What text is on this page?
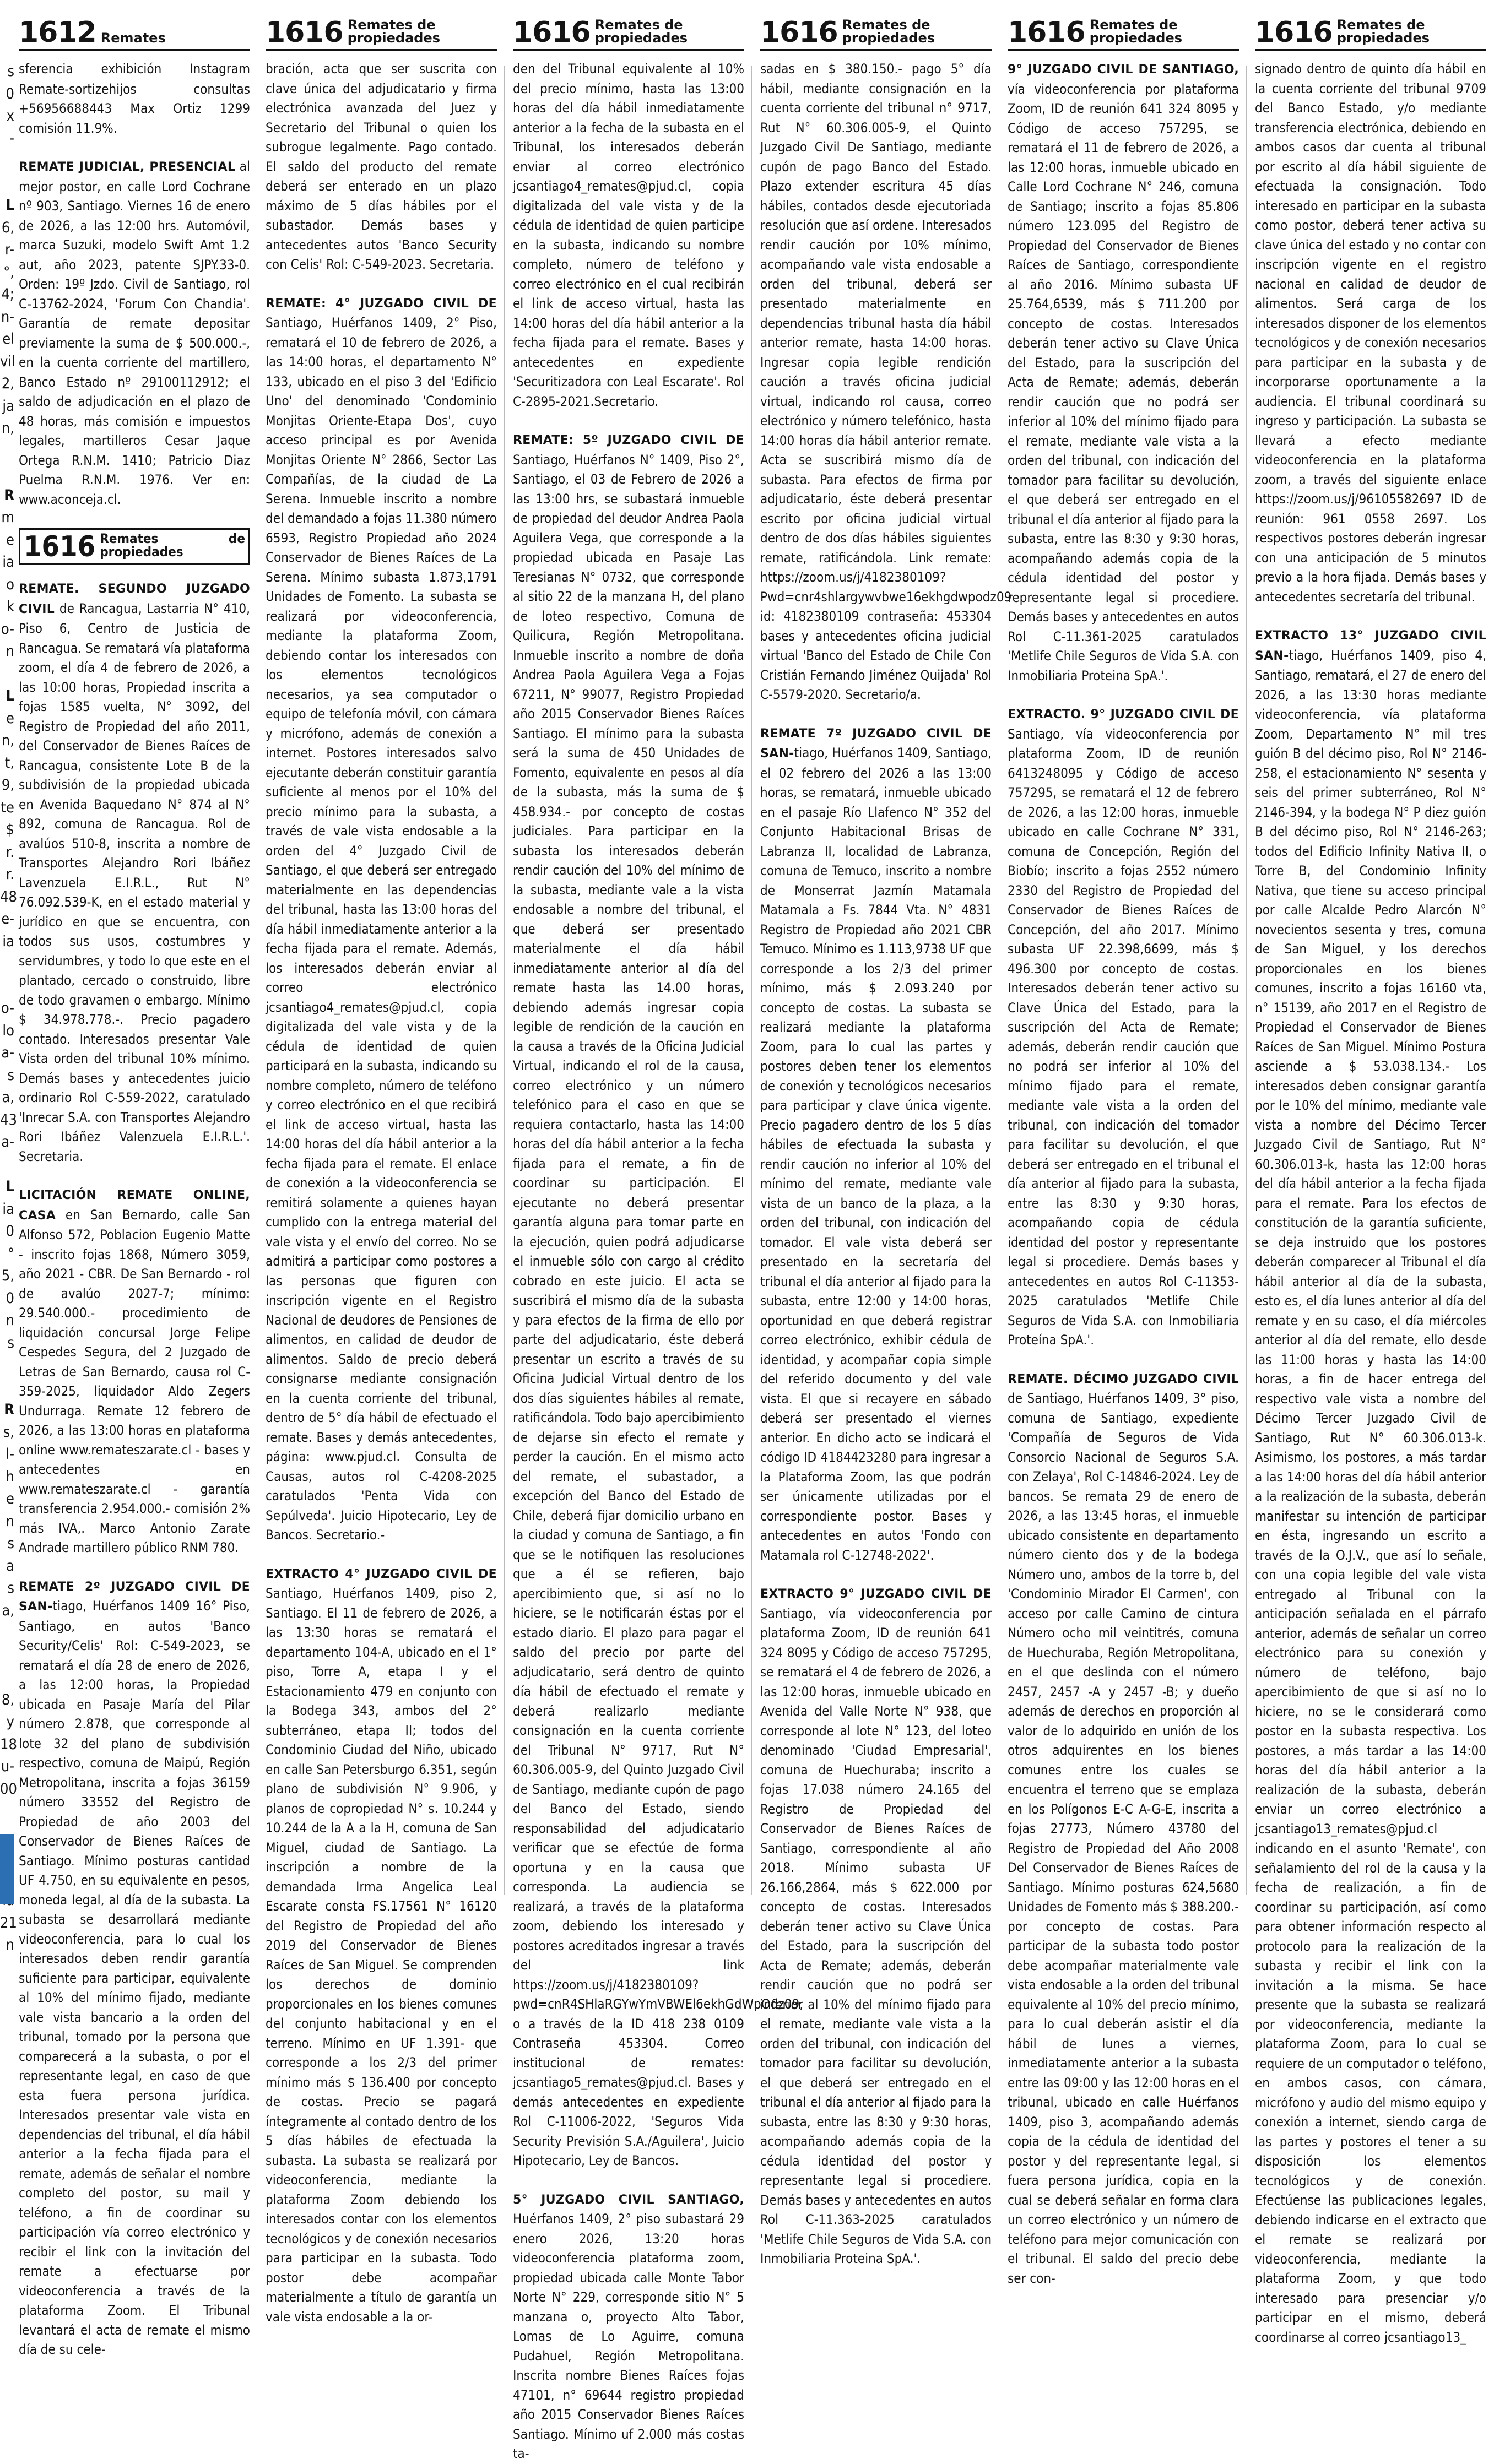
s
0
x
-

L
6,
r-
°,
4;
n-
el
vil
2,
ja
n,

R
m
e
ia
o
k
o-
n

L
e
n,
t,
9,
te
$
r.
r.
48
e-
ia

o-
lo
a-
s
a,
43
a-

L
ia
0
°
5,
0
n
s

R
s,
l-
h
e
n
s
a
s
a,

8,
y
18
u-
00

21
n
1612 Remates

sferencia exhibición Instagram Remate-sortizehijos consultas +56956688443 Max Ortiz 1299 comisión 11.9%.

REMATE JUDICIAL, PRESENCIAL al mejor postor, en calle Lord Cochrane nº 903, Santiago. Viernes 16 de enero de 2026, a las 12:00 hrs. Automóvil, marca Suzuki, modelo Swift Amt 1.2 aut, año 2023, patente SJPY.33-0. Orden: 19º Jzdo. Civil de Santiago, rol C-13762-2024, 'Forum Con Chandia'. Garantía de remate depositar previamente la suma de $ 500.000.-, en la cuenta corriente del martillero, Banco Estado nº 29100112912; el saldo de adjudicación en el plazo de 48 horas, más comisión e impuestos legales, martilleros Cesar Jaque Ortega R.N.M. 1410; Patricio Diaz Puelma R.N.M. 1976. Ver en: www.aconceja.cl.

1616 Remates de propiedades

REMATE. SEGUNDO JUZGADO CIVIL de Rancagua, Lastarria N° 410, Piso 6, Centro de Justicia de Rancagua. Se rematará vía plataforma zoom, el día 4 de febrero de 2026, a las 10:00 horas, Propiedad inscrita a fojas 1585 vuelta, N° 3092, del Registro de Propiedad del año 2011, del Conservador de Bienes Raíces de Rancagua, consistente Lote B de la subdivisión de la propiedad ubicada en Avenida Baquedano N° 874 al N° 892, comuna de Rancagua. Rol de avalúos 510-8, inscrita a nombre de Transportes Alejandro Rori Ibáñez Lavenzuela E.I.R.L., Rut N° 76.092.539-K, en el estado material y jurídico en que se encuentra, con todos sus usos, costumbres y servidumbres, y todo lo que este en el plantado, cercado o construido, libre de todo gravamen o embargo. Mínimo $ 34.978.778.-. Precio pagadero contado. Interesados presentar Vale Vista orden del tribunal 10% mínimo. Demás bases y antecedentes juicio ordinario Rol C-559-2022, caratulado 'Inrecar S.A. con Transportes Alejandro Rori Ibáñez Valenzuela E.I.R.L.'. Secretaria.

LICITACIÓN REMATE ONLINE, CASA en San Bernardo, calle San Alfonso 572, Poblacion Eugenio Matte - inscrito fojas 1868, Número 3059, año 2021 - CBR. De San Bernardo - rol de avalúo 2027-7; mínimo: 29.540.000.- procedimiento de liquidación concursal Jorge Felipe Cespedes Segura, del 2 Juzgado de Letras de San Bernardo, causa rol C-359-2025, liquidador Aldo Zegers Undurraga. Remate 12 febrero de 2026, a las 13:00 horas en plataforma online www.remateszarate.cl - bases y antecedentes en www.remateszarate.cl - garantía transferencia 2.954.000.- comisión 2% más IVA,. Marco Antonio Zarate Andrade martillero público RNM 780.

REMATE 2º JUZGADO CIVIL DE SAN-tiago, Huérfanos 1409 16° Piso, Santiago, en autos 'Banco Security/Celis' Rol: C-549-2023, se rematará el día 28 de enero de 2026, a las 12:00 horas, la Propiedad ubicada en Pasaje María del Pilar número 2.878, que corresponde al lote 32 del plano de subdivisión respectivo, comuna de Maipú, Región Metropolitana, inscrita a fojas 36159 número 33552 del Registro de Propiedad de año 2003 del Conservador de Bienes Raíces de Santiago. Mínimo posturas cantidad UF 4.750, en su equivalente en pesos, moneda legal, al día de la subasta. La subasta se desarrollará mediante videoconferencia, para lo cual los interesados deben rendir garantía suficiente para participar, equivalente al 10% del mínimo fijado, mediante vale vista bancario a la orden del tribunal, tomado por la persona que comparecerá a la subasta, o por el representante legal, en caso de que esta fuera persona jurídica. Interesados presentar vale vista en dependencias del tribunal, el día hábil anterior a la fecha fijada para el remate, además de señalar el nombre completo del postor, su mail y teléfono, a fin de coordinar su participación vía correo electrónico y recibir el link con la invitación del remate a efectuarse por videoconferencia a través de la plataforma Zoom. El Tribunal levantará el acta de remate el mismo día de su cele-

1616 Remates de propiedades

bración, acta que ser suscrita con clave única del adjudicatario y firma electrónica avanzada del Juez y Secretario del Tribunal o quien los subrogue legalmente. Pago contado. El saldo del producto del remate deberá ser enterado en un plazo máximo de 5 días hábiles por el subastador. Demás bases y antecedentes autos 'Banco Security con Celis' Rol: C-549-2023. Secretaria.

REMATE: 4° JUZGADO CIVIL DE Santiago, Huérfanos 1409, 2° Piso, rematará el 10 de febrero de 2026, a las 14:00 horas, el departamento N° 133, ubicado en el piso 3 del 'Edificio Uno' del denominado 'Condominio Monjitas Oriente-Etapa Dos', cuyo acceso principal es por Avenida Monjitas Oriente N° 2866, Sector Las Compañías, de la ciudad de La Serena. Inmueble inscrito a nombre del demandado a fojas 11.380 número 6593, Registro Propiedad año 2024 Conservador de Bienes Raíces de La Serena. Mínimo subasta 1.873,1791 Unidades de Fomento. La subasta se realizará por videoconferencia, mediante la plataforma Zoom, debiendo contar los interesados con los elementos tecnológicos necesarios, ya sea computador o equipo de telefonía móvil, con cámara y micrófono, además de conexión a internet. Postores interesados salvo ejecutante deberán constituir garantía suficiente al menos por el 10% del precio mínimo para la subasta, a través de vale vista endosable a la orden del 4° Juzgado Civil de Santiago, el que deberá ser entregado materialmente en las dependencias del tribunal, hasta las 13:00 horas del día hábil inmediatamente anterior a la fecha fijada para el remate. Además, los interesados deberán enviar al correo electrónico jcsantiago4_remates@pjud.cl, copia digitalizada del vale vista y de la cédula de identidad de quien participará en la subasta, indicando su nombre completo, número de teléfono y correo electrónico en el que recibirá el link de acceso virtual, hasta las 14:00 horas del día hábil anterior a la fecha fijada para el remate. El enlace de conexión a la videoconferencia se remitirá solamente a quienes hayan cumplido con la entrega material del vale vista y el envío del correo. No se admitirá a participar como postores a las personas que figuren con inscripción vigente en el Registro Nacional de deudores de Pensiones de alimentos, en calidad de deudor de alimentos. Saldo de precio deberá consignarse mediante consignación en la cuenta corriente del tribunal, dentro de 5° día hábil de efectuado el remate. Bases y demás antecedentes, página: www.pjud.cl. Consulta de Causas, autos rol C-4208-2025 caratulados 'Penta Vida con Sepúlveda'. Juicio Hipotecario, Ley de Bancos. Secretario.-

EXTRACTO 4° JUZGADO CIVIL DE Santiago, Huérfanos 1409, piso 2, Santiago. El 11 de febrero de 2026, a las 13:30 horas se rematará el departamento 104-A, ubicado en el 1° piso, Torre A, etapa I y el Estacionamiento 479 en conjunto con la Bodega 343, ambos del 2° subterráneo, etapa II; todos del Condominio Ciudad del Niño, ubicado en calle San Petersburgo 6.351, según plano de subdivisión N° 9.906, y planos de copropiedad N° s. 10.244 y 10.244 de la A a la H, comuna de San Miguel, ciudad de Santiago. La inscripción a nombre de la demandada Irma Angelica Leal Escarate consta FS.17561 N° 16120 del Registro de Propiedad del año 2019 del Conservador de Bienes Raíces de San Miguel. Se comprenden los derechos de dominio proporcionales en los bienes comunes del conjunto habitacional y en el terreno. Mínimo en UF 1.391- que corresponde a los 2/3 del primer mínimo más $ 136.400 por concepto de costas. Precio se pagará íntegramente al contado dentro de los 5 días hábiles de efectuada la subasta. La subasta se realizará por videoconferencia, mediante la plataforma Zoom debiendo los interesados contar con los elementos tecnológicos y de conexión necesarios para participar en la subasta. Todo postor debe acompañar materialmente a título de garantía un vale vista endosable a la or-

1616 Remates de propiedades

den del Tribunal equivalente al 10% del precio mínimo, hasta las 13:00 horas del día hábil inmediatamente anterior a la fecha de la subasta en el Tribunal, los interesados deberán enviar al correo electrónico jcsantiago4_remates@pjud.cl, copia digitalizada del vale vista y de la cédula de identidad de quien participe en la subasta, indicando su nombre completo, número de teléfono y correo electrónico en el cual recibirán el link de acceso virtual, hasta las 14:00 horas del día hábil anterior a la fecha fijada para el remate. Bases y antecedentes en expediente 'Securitizadora con Leal Escarate'. Rol C-2895-2021.Secretario.

REMATE: 5º JUZGADO CIVIL DE Santiago, Huérfanos N° 1409, Piso 2°, Santiago, el 03 de Febrero de 2026 a las 13:00 hrs, se subastará inmueble de propiedad del deudor Andrea Paola Aguilera Vega, que corresponde a la propiedad ubicada en Pasaje Las Teresianas N° 0732, que corresponde al sitio 22 de la manzana H, del plano de loteo respectivo, Comuna de Quilicura, Región Metropolitana. Inmueble inscrito a nombre de doña Andrea Paola Aguilera Vega a Fojas 67211, N° 99077, Registro Propiedad año 2015 Conservador Bienes Raíces Santiago. El mínimo para la subasta será la suma de 450 Unidades de Fomento, equivalente en pesos al día de la subasta, más la suma de $ 458.934.- por concepto de costas judiciales. Para participar en la subasta los interesados deberán rendir caución del 10% del mínimo de la subasta, mediante vale a la vista endosable a nombre del tribunal, el que deberá ser presentado materialmente el día hábil inmediatamente anterior al día del remate hasta las 14.00 horas, debiendo además ingresar copia legible de rendición de la caución en la causa a través de la Oficina Judicial Virtual, indicando el rol de la causa, correo electrónico y un número telefónico para el caso en que se requiera contactarlo, hasta las 14:00 horas del día hábil anterior a la fecha fijada para el remate, a fin de coordinar su participación. El ejecutante no deberá presentar garantía alguna para tomar parte en la ejecución, quien podrá adjudicarse el inmueble sólo con cargo al crédito cobrado en este juicio. El acta se suscribirá el mismo día de la subasta y para efectos de la firma de ello por parte del adjudicatario, éste deberá presentar un escrito a través de su Oficina Judicial Virtual dentro de los dos días siguientes hábiles al remate, ratificándola. Todo bajo apercibimiento de dejarse sin efecto el remate y perder la caución. En el mismo acto del remate, el subastador, a excepción del Banco del Estado de Chile, deberá fijar domicilio urbano en la ciudad y comuna de Santiago, a fin que se le notifiquen las resoluciones que a él se refieren, bajo apercibimiento que, si así no lo hiciere, se le notificarán éstas por el estado diario. El plazo para pagar el saldo del precio por parte del adjudicatario, será dentro de quinto día hábil de efectuado el remate y deberá realizarlo mediante consignación en la cuenta corriente del Tribunal N° 9717, Rut N° 60.306.005-9, del Quinto Juzgado Civil de Santiago, mediante cupón de pago del Banco del Estado, siendo responsabilidad del adjudicatario verificar que se efectúe de forma oportuna y en la causa que corresponda. La audiencia se realizará, a través de la plataforma zoom, debiendo los interesado y postores acreditados ingresar a través del link https://zoom.us/j/4182380109?pwd=cnR4SHlaRGYwYmVBWEl6ekhGdWpOdz09, o a través de la ID 418 238 0109 Contraseña 453304. Correo institucional de remates: jcsantiago5_remates@pjud.cl. Bases y demás antecedentes en expediente Rol C-11006-2022, 'Seguros Vida Security Previsión S.A./Aguilera', Juicio Hipotecario, Ley de Bancos.

5° JUZGADO CIVIL SANTIAGO, Huérfanos 1409, 2° piso subastará 29 enero 2026, 13:20 horas videoconferencia plataforma zoom, propiedad ubicada calle Monte Tabor Norte N° 229, corresponde sitio N° 5 manzana o, proyecto Alto Tabor, Lomas de Lo Aguirre, comuna Pudahuel, Región Metropolitana. Inscrita nombre Bienes Raíces fojas 47101, n° 69644 registro propiedad año 2015 Conservador Bienes Raíces Santiago. Mínimo uf 2.000 más costas ta-

1616 Remates de propiedades

sadas en $ 380.150.- pago 5° día hábil, mediante consignación en la cuenta corriente del tribunal n° 9717, Rut N° 60.306.005-9, el Quinto Juzgado Civil De Santiago, mediante cupón de pago Banco del Estado. Plazo extender escritura 45 días hábiles, contados desde ejecutoriada resolución que así ordene. Interesados rendir caución por 10% mínimo, acompañando vale vista endosable a orden del tribunal, deberá ser presentado materialmente en dependencias tribunal hasta día hábil anterior remate, hasta 14:00 horas. Ingresar copia legible rendición caución a través oficina judicial virtual, indicando rol causa, correo electrónico y número telefónico, hasta 14:00 horas día hábil anterior remate. Acta se suscribirá mismo día de subasta. Para efectos de firma por adjudicatario, éste deberá presentar escrito por oficina judicial virtual dentro de dos días hábiles siguientes remate, ratificándola. Link remate: https://zoom.us/j/4182380109?Pwd=cnr4shlargywvbwe16ekhgdwpodz09 id: 4182380109 contraseña: 453304 bases y antecedentes oficina judicial virtual 'Banco del Estado de Chile Con Cristián Fernando Jiménez Quijada' Rol C-5579-2020. Secretario/a.

REMATE 7º JUZGADO CIVIL DE SAN-tiago, Huérfanos 1409, Santiago, el 02 febrero del 2026 a las 13:00 horas, se rematará, inmueble ubicado en el pasaje Río Llafenco N° 352 del Conjunto Habitacional Brisas de Labranza II, localidad de Labranza, comuna de Temuco, inscrito a nombre de Monserrat Jazmín Matamala Matamala a Fs. 7844 Vta. N° 4831 Registro de Propiedad año 2021 CBR Temuco. Mínimo es 1.113,9738 UF que corresponde a los 2/3 del primer mínimo, más $ 2.093.240 por concepto de costas. La subasta se realizará mediante la plataforma Zoom, para lo cual las partes y postores deben tener los elementos de conexión y tecnológicos necesarios para participar y clave única vigente. Precio pagadero dentro de los 5 días hábiles de efectuada la subasta y rendir caución no inferior al 10% del mínimo del remate, mediante vale vista de un banco de la plaza, a la orden del tribunal, con indicación del tomador. El vale vista deberá ser presentado en la secretaría del tribunal el día anterior al fijado para la subasta, entre 12:00 y 14:00 horas, oportunidad en que deberá registrar correo electrónico, exhibir cédula de identidad, y acompañar copia simple del referido documento y del vale vista. El que si recayere en sábado deberá ser presentado el viernes anterior. En dicho acto se indicará el código ID 4184423280 para ingresar a la Plataforma Zoom, las que podrán ser únicamente utilizadas por el correspondiente postor. Bases y antecedentes en autos 'Fondo con Matamala rol C-12748-2022'.

EXTRACTO 9° JUZGADO CIVIL DE Santiago, vía videoconferencia por plataforma Zoom, ID de reunión 641 324 8095 y Código de acceso 757295, se rematará el 4 de febrero de 2026, a las 12:00 horas, inmueble ubicado en Avenida del Valle Norte N° 938, que corresponde al lote N° 123, del loteo denominado 'Ciudad Empresarial', comuna de Huechuraba; inscrito a fojas 17.038 número 24.165 del Registro de Propiedad del Conservador de Bienes Raíces de Santiago, correspondiente al año 2018. Mínimo subasta UF 26.166,2864, más $ 622.000 por concepto de costas. Interesados deberán tener activo su Clave Única del Estado, para la suscripción del Acta de Remate; además, deberán rendir caución que no podrá ser inferior al 10% del mínimo fijado para el remate, mediante vale vista a la orden del tribunal, con indicación del tomador para facilitar su devolución, el que deberá ser entregado en el tribunal el día anterior al fijado para la subasta, entre las 8:30 y 9:30 horas, acompañando además copia de la cédula identidad del postor y representante legal si procediere. Demás bases y antecedentes en autos Rol C-11.363-2025 caratulados 'Metlife Chile Seguros de Vida S.A. con Inmobiliaria Proteina SpA.'.

1616 Remates de propiedades

9° JUZGADO CIVIL DE SANTIAGO, vía videoconferencia por plataforma Zoom, ID de reunión 641 324 8095 y Código de acceso 757295, se rematará el 11 de febrero de 2026, a las 12:00 horas, inmueble ubicado en Calle Lord Cochrane N° 246, comuna de Santiago; inscrito a fojas 85.806 número 123.095 del Registro de Propiedad del Conservador de Bienes Raíces de Santiago, correspondiente al año 2016. Mínimo subasta UF 25.764,6539, más $ 711.200 por concepto de costas. Interesados deberán tener activo su Clave Única del Estado, para la suscripción del Acta de Remate; además, deberán rendir caución que no podrá ser inferior al 10% del mínimo fijado para el remate, mediante vale vista a la orden del tribunal, con indicación del tomador para facilitar su devolución, el que deberá ser entregado en el tribunal el día anterior al fijado para la subasta, entre las 8:30 y 9:30 horas, acompañando además copia de la cédula identidad del postor y representante legal si procediere. Demás bases y antecedentes en autos Rol C-11.361-2025 caratulados 'Metlife Chile Seguros de Vida S.A. con Inmobiliaria Proteina SpA.'.

EXTRACTO. 9° JUZGADO CIVIL DE Santiago, vía videoconferencia por plataforma Zoom, ID de reunión 6413248095 y Código de acceso 757295, se rematará el 12 de febrero de 2026, a las 12:00 horas, inmueble ubicado en calle Cochrane N° 331, comuna de Concepción, Región del Biobío; inscrito a fojas 2552 número 2330 del Registro de Propiedad del Conservador de Bienes Raíces de Concepción, del año 2017. Mínimo subasta UF 22.398,6699, más $ 496.300 por concepto de costas. Interesados deberán tener activo su Clave Única del Estado, para la suscripción del Acta de Remate; además, deberán rendir caución que no podrá ser inferior al 10% del mínimo fijado para el remate, mediante vale vista a la orden del tribunal, con indicación del tomador para facilitar su devolución, el que deberá ser entregado en el tribunal el día anterior al fijado para la subasta, entre las 8:30 y 9:30 horas, acompañando copia de cédula identidad del postor y representante legal si procediere. Demás bases y antecedentes en autos Rol C-11353-2025 caratulados 'Metlife Chile Seguros de Vida S.A. con Inmobiliaria Proteína SpA.'.

REMATE. DÉCIMO JUZGADO CIVIL de Santiago, Huérfanos 1409, 3° piso, comuna de Santiago, expediente 'Compañía de Seguros de Vida Consorcio Nacional de Seguros S.A. con Zelaya', Rol C-14846-2024. Ley de bancos. Se remata 29 de enero de 2026, a las 13:45 horas, el inmueble ubicado consistente en departamento número ciento dos y de la bodega Número uno, ambos de la torre b, del 'Condominio Mirador El Carmen', con acceso por calle Camino de cintura Número ocho mil veintitrés, comuna de Huechuraba, Región Metropolitana, en el que deslinda con el número 2457, 2457 -A y 2457 -B; y dueño además de derechos en proporción al valor de lo adquirido en unión de los otros adquirentes en los bienes comunes entre los cuales se encuentra el terreno que se emplaza en los Polígonos E-C A-G-E, inscrita a fojas 27773, Número 43780 del Registro de Propiedad del Año 2008 Del Conservador de Bienes Raíces de Santiago. Mínimo posturas 624,5680 Unidades de Fomento más $ 388.200.- por concepto de costas. Para participar de la subasta todo postor debe acompañar materialmente vale vista endosable a la orden del tribunal equivalente al 10% del precio mínimo, para lo cual deberán asistir el día hábil de lunes a viernes, inmediatamente anterior a la subasta entre las 09:00 y las 12:00 horas en el tribunal, ubicado en calle Huérfanos 1409, piso 3, acompañando además copia de la cédula de identidad del postor y del representante legal, si fuera persona jurídica, copia en la cual se deberá señalar en forma clara un correo electrónico y un número de teléfono para mejor comunicación con el tribunal. El saldo del precio debe ser con-

1616 Remates de propiedades

signado dentro de quinto día hábil en la cuenta corriente del tribunal 9709 del Banco Estado, y/o mediante transferencia electrónica, debiendo en ambos casos dar cuenta al tribunal por escrito al día hábil siguiente de efectuada la consignación. Todo interesado en participar en la subasta como postor, deberá tener activa su clave única del estado y no contar con inscripción vigente en el registro nacional en calidad de deudor de alimentos. Será carga de los interesados disponer de los elementos tecnológicos y de conexión necesarios para participar en la subasta y de incorporarse oportunamente a la audiencia. El tribunal coordinará su ingreso y participación. La subasta se llevará a efecto mediante videoconferencia en la plataforma zoom, a través del siguiente enlace https://zoom.us/j/96105582697 ID de reunión: 961 0558 2697. Los respectivos postores deberán ingresar con una anticipación de 5 minutos previo a la hora fijada. Demás bases y antecedentes secretaría del tribunal.

EXTRACTO 13° JUZGADO CIVIL SAN-tiago, Huérfanos 1409, piso 4, Santiago, rematará, el 27 de enero del 2026, a las 13:30 horas mediante videoconferencia, vía plataforma Zoom, Departamento N° mil tres guión B del décimo piso, Rol N° 2146-258, el estacionamiento N° sesenta y seis del primer subterráneo, Rol N° 2146-394, y la bodega N° P diez guión B del décimo piso, Rol N° 2146-263; todos del Edificio Infinity Nativa II, o Torre B, del Condominio Infinity Nativa, que tiene su acceso principal por calle Alcalde Pedro Alarcón N° novecientos sesenta y tres, comuna de San Miguel, y los derechos proporcionales en los bienes comunes, inscrito a fojas 16160 vta, n° 15139, año 2017 en el Registro de Propiedad el Conservador de Bienes Raíces de San Miguel. Mínimo Postura asciende a $ 53.038.134.- Los interesados deben consignar garantía por le 10% del mínimo, mediante vale vista a nombre del Décimo Tercer Juzgado Civil de Santiago, Rut N° 60.306.013-k, hasta las 12:00 horas del día hábil anterior a la fecha fijada para el remate. Para los efectos de constitución de la garantía suficiente, se deja instruido que los postores deberán comparecer al Tribunal el día hábil anterior al día de la subasta, esto es, el día lunes anterior al día del remate y en su caso, el día miércoles anterior al día del remate, ello desde las 11:00 horas y hasta las 14:00 horas, a fin de hacer entrega del respectivo vale vista a nombre del Décimo Tercer Juzgado Civil de Santiago, Rut N° 60.306.013-k. Asimismo, los postores, a más tardar a las 14:00 horas del día hábil anterior a la realización de la subasta, deberán manifestar su intención de participar en ésta, ingresando un escrito a través de la O.J.V., que así lo señale, con una copia legible del vale vista entregado al Tribunal con la anticipación señalada en el párrafo anterior, además de señalar un correo electrónico para su conexión y número de teléfono, bajo apercibimiento de que si así no lo hiciere, no se le considerará como postor en la subasta respectiva. Los postores, a más tardar a las 14:00 horas del día hábil anterior a la realización de la subasta, deberán enviar un correo electrónico a jcsantiago13_remates@pjud.cl indicando en el asunto 'Remate', con señalamiento del rol de la causa y la fecha de realización, a fin de coordinar su participación, así como para obtener información respecto al protocolo para la realización de la subasta y recibir el link con la invitación a la misma. Se hace presente que la subasta se realizará por videoconferencia, mediante la plataforma Zoom, para lo cual se requiere de un computador o teléfono, en ambos casos, con cámara, micrófono y audio del mismo equipo y conexión a internet, siendo carga de las partes y postores el tener a su disposición los elementos tecnológicos y de conexión. Efectúense las publicaciones legales, debiendo indicarse en el extracto que el remate se realizará por videoconferencia, mediante la plataforma Zoom, y que todo interesado para presenciar y/o participar en el mismo, deberá coordinarse al correo jcsantiago13_
